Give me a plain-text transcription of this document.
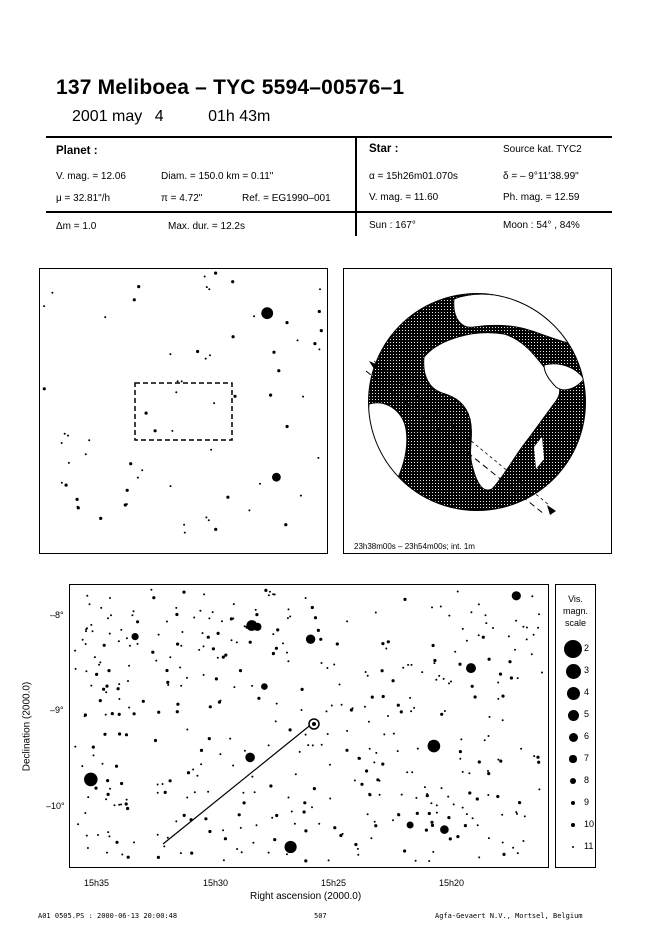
137 Meliboea – TYC 5594–00576–1
2001 may 4	01h 43m
Planet :
V. mag. = 12.06	Diam. = 150.0 km = 0.11"
μ = 32.81"/h	π = 4.72"	Ref. = EG1990–001
Δm = 1.0	Max. dur. = 12.2s
Star :	Source kat. TYC2
α = 15h26m01.070s	δ = – 9°11′38.99"
V. mag. = 11.60	Ph. mag. = 12.59
Sun : 167°	Moon : 54° , 84%
23h38m00s – 23h54m00s; int. 1m
–8°
–9°
–10°
Declination (2000.0)
15h35	15h30	15h25	15h20
Right ascension (2000.0)
Vis.
magn.
scale
2
3
4
5
6
7
8
9
10
11
A01 0505.PS : 2000-06-13 20:00:48	507	Agfa-Gevaert N.V., Mortsel, Belgium
